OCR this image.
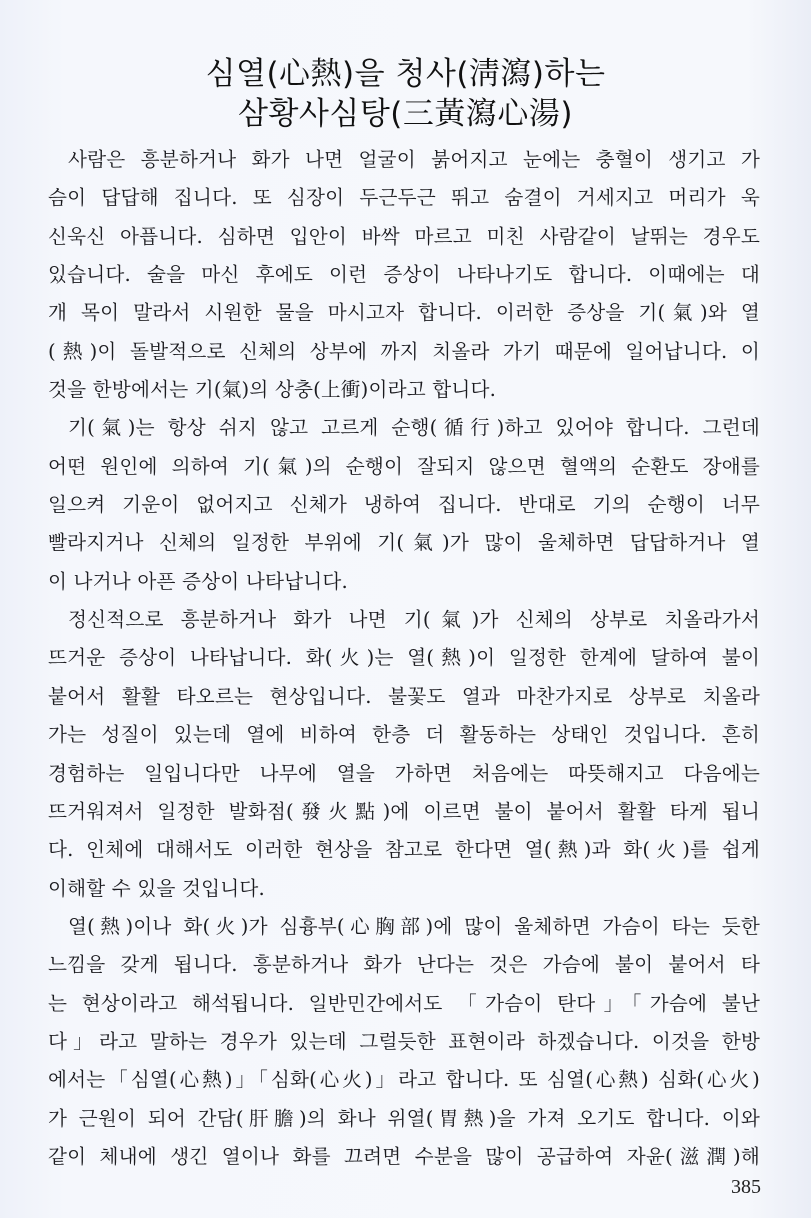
심열(心熱)을 청사(淸瀉)하는
삼황사심탕(三黃瀉心湯)
사람은 흥분하거나 화가 나면 얼굴이 붉어지고 눈에는 충혈이 생기고 가
슴이 답답해 집니다. 또 심장이 두근두근 뛰고 숨결이 거세지고 머리가 욱
신욱신 아픕니다. 심하면 입안이 바싹 마르고 미친 사람같이 날뛰는 경우도
있습니다. 술을 마신 후에도 이런 증상이 나타나기도 합니다. 이때에는 대
개 목이 말라서 시원한 물을 마시고자 합니다. 이러한 증상을 기(氣)와 열
(熱)이 돌발적으로 신체의 상부에 까지 치올라 가기 때문에 일어납니다. 이
것을 한방에서는 기(氣)의 상충(上衝)이라고 합니다.
기(氣)는 항상 쉬지 않고 고르게 순행(循行)하고 있어야 합니다. 그런데
어떤 원인에 의하여 기(氣)의 순행이 잘되지 않으면 혈액의 순환도 장애를
일으켜 기운이 없어지고 신체가 냉하여 집니다. 반대로 기의 순행이 너무
빨라지거나 신체의 일정한 부위에 기(氣)가 많이 울체하면 답답하거나 열
이 나거나 아픈 증상이 나타납니다.
정신적으로 흥분하거나 화가 나면 기(氣)가 신체의 상부로 치올라가서
뜨거운 증상이 나타납니다. 화(火)는 열(熱)이 일정한 한계에 달하여 불이
붙어서 활활 타오르는 현상입니다. 불꽃도 열과 마찬가지로 상부로 치올라
가는 성질이 있는데 열에 비하여 한층 더 활동하는 상태인 것입니다. 흔히
경험하는 일입니다만 나무에 열을 가하면 처음에는 따뜻해지고 다음에는
뜨거워져서 일정한 발화점(發火點)에 이르면 불이 붙어서 활활 타게 됩니
다. 인체에 대해서도 이러한 현상을 참고로 한다면 열(熱)과 화(火)를 쉽게
이해할 수 있을 것입니다.
열(熱)이나 화(火)가 심흉부(心胸部)에 많이 울체하면 가슴이 타는 듯한
느낌을 갖게 됩니다. 흥분하거나 화가 난다는 것은 가슴에 불이 붙어서 타
는 현상이라고 해석됩니다. 일반민간에서도 「가슴이 탄다」「가슴에 불난
다」라고 말하는 경우가 있는데 그럴듯한 표현이라 하겠습니다. 이것을 한방
에서는「심열(心熱)」「심화(心火)」라고 합니다. 또 심열(心熱) 심화(心火)
가 근원이 되어 간담(肝膽)의 화나 위열(胃熱)을 가져 오기도 합니다. 이와
같이 체내에 생긴 열이나 화를 끄려면 수분을 많이 공급하여 자윤(滋潤)해
385
